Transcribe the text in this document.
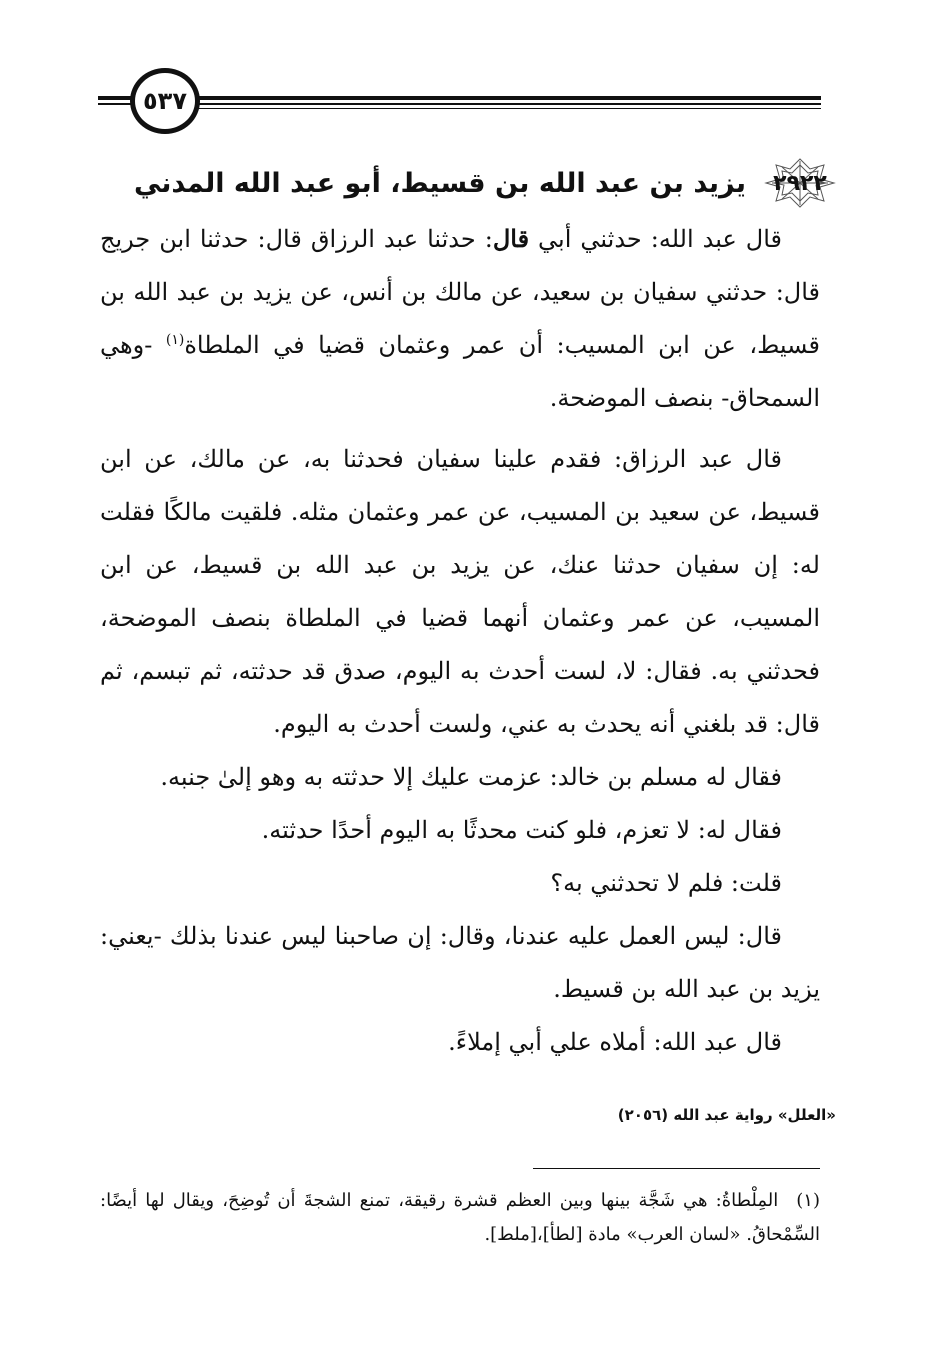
٥٣٧
٢٩٢٢
يزيد بن عبد الله بن قسيط، أبو عبد الله المدني

قال عبد الله: حدثني أبي قال: حدثنا عبد الرزاق قال: حدثنا ابن جريج قال: حدثني سفيان بن سعيد، عن مالك بن أنس، عن يزيد بن عبد الله بن قسيط، عن ابن المسيب: أن عمر وعثمان قضيا في الملطاة$^{(١)}$ -وهي السمحاق- بنصف الموضحة.

قال عبد الرزاق: فقدم علينا سفيان فحدثنا به، عن مالك، عن ابن قسيط، عن سعيد بن المسيب، عن عمر وعثمان مثله. فلقيت مالكًا فقلت له: إن سفيان حدثنا عنك، عن يزيد بن عبد الله بن قسيط، عن ابن المسيب، عن عمر وعثمان أنهما قضيا في الملطاة بنصف الموضحة، فحدثني به. فقال: لا، لست أحدث به اليوم، صدق قد حدثته، ثم تبسم، ثم قال: قد بلغني أنه يحدث به عني، ولست أحدث به اليوم.

فقال له مسلم بن خالد: عزمت عليك إلا حدثته به وهو إلىٰ جنبه.

فقال له: لا تعزم، فلو كنت محدثًا به اليوم أحدًا حدثته.

قلت: فلم لا تحدثني به؟

قال: ليس العمل عليه عندنا، وقال: إن صاحبنا ليس عندنا بذلك -يعني: يزيد بن عبد الله بن قسيط.

قال عبد الله: أملاه علي أبي إملاءً.

«العلل» رواية عبد الله (٢٠٥٦)

(١)المِلْطاةُ: هي شَجَّة بينها وبين العظم قشرة رقيقة، تمنع الشجةَ أن تُوضِحَ، ويقال لها أيضًا: السِّمْحاقُ. «لسان العرب» مادة [لطأ]،[ملط].
